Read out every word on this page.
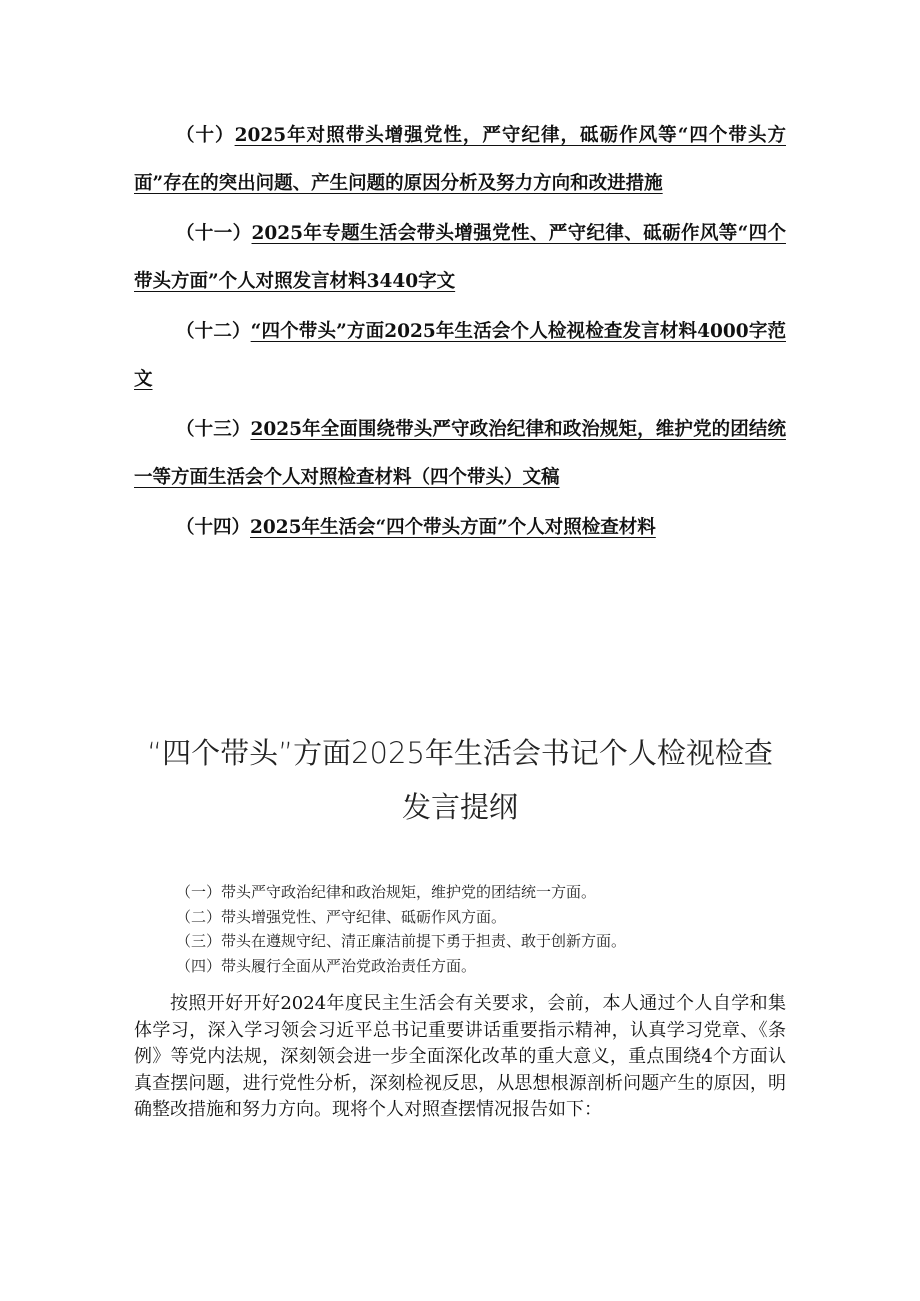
（十）2025年对照带头增强党性，严守纪律，砥砺作风等“四个带头方面”存在的突出问题、产生问题的原因分析及努力方向和改进措施
（十一）2025年专题生活会带头增强党性、严守纪律、砥砺作风等“四个带头方面”个人对照发言材料3440字文
（十二）“四个带头”方面2025年生活会个人检视检查发言材料4000字范文
（十三）2025年全面围绕带头严守政治纪律和政治规矩，维护党的团结统一等方面生活会个人对照检查材料（四个带头）文稿
（十四）2025年生活会“四个带头方面”个人对照检查材料
“四个带头”方面2025年生活会书记个人检视检查
发言提纲
（一）带头严守政治纪律和政治规矩，维护党的团结统一方面。
（二）带头增强党性、严守纪律、砥砺作风方面。
（三）带头在遵规守纪、清正廉洁前提下勇于担责、敢于创新方面。
（四）带头履行全面从严治党政治责任方面。
按照开好开好2024年度民主生活会有关要求，会前，本人通过个人自学和集体学习，深入学习领会习近平总书记重要讲话重要指示精神，认真学习党章、《条例》等党内法规，深刻领会进一步全面深化改革的重大意义，重点围绕4个方面认真查摆问题，进行党性分析，深刻检视反思，从思想根源剖析问题产生的原因，明确整改措施和努力方向。现将个人对照查摆情况报告如下：
